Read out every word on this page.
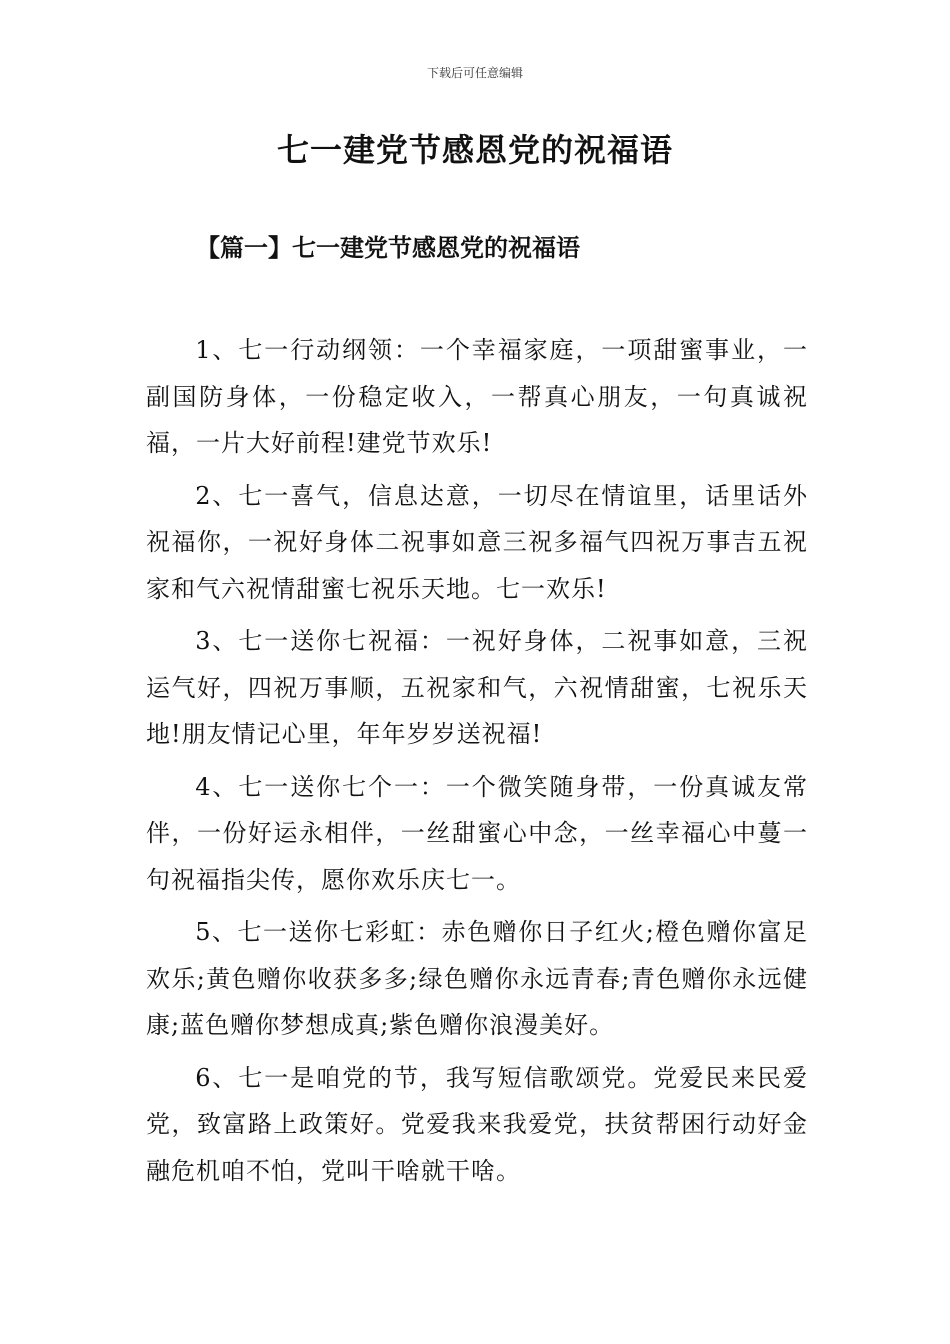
下载后可任意编辑
七一建党节感恩党的祝福语
【篇一】七一建党节感恩党的祝福语

1、七一行动纲领：一个幸福家庭，一项甜蜜事业，一副国防身体，一份稳定收入，一帮真心朋友，一句真诚祝福，一片大好前程!建党节欢乐!

2、七一喜气，信息达意，一切尽在情谊里，话里话外祝福你，一祝好身体二祝事如意三祝多福气四祝万事吉五祝家和气六祝情甜蜜七祝乐天地。七一欢乐!

3、七一送你七祝福：一祝好身体，二祝事如意，三祝运气好，四祝万事顺，五祝家和气，六祝情甜蜜，七祝乐天地!朋友情记心里，年年岁岁送祝福!

4、七一送你七个一：一个微笑随身带，一份真诚友常伴，一份好运永相伴，一丝甜蜜心中念，一丝幸福心中蔓一句祝福指尖传，愿你欢乐庆七一。

5、七一送你七彩虹：赤色赠你日子红火;橙色赠你富足欢乐;黄色赠你收获多多;绿色赠你永远青春;青色赠你永远健康;蓝色赠你梦想成真;紫色赠你浪漫美好。

6、七一是咱党的节，我写短信歌颂党。党爱民来民爱党，致富路上政策好。党爱我来我爱党，扶贫帮困行动好金融危机咱不怕，党叫干啥就干啥。
